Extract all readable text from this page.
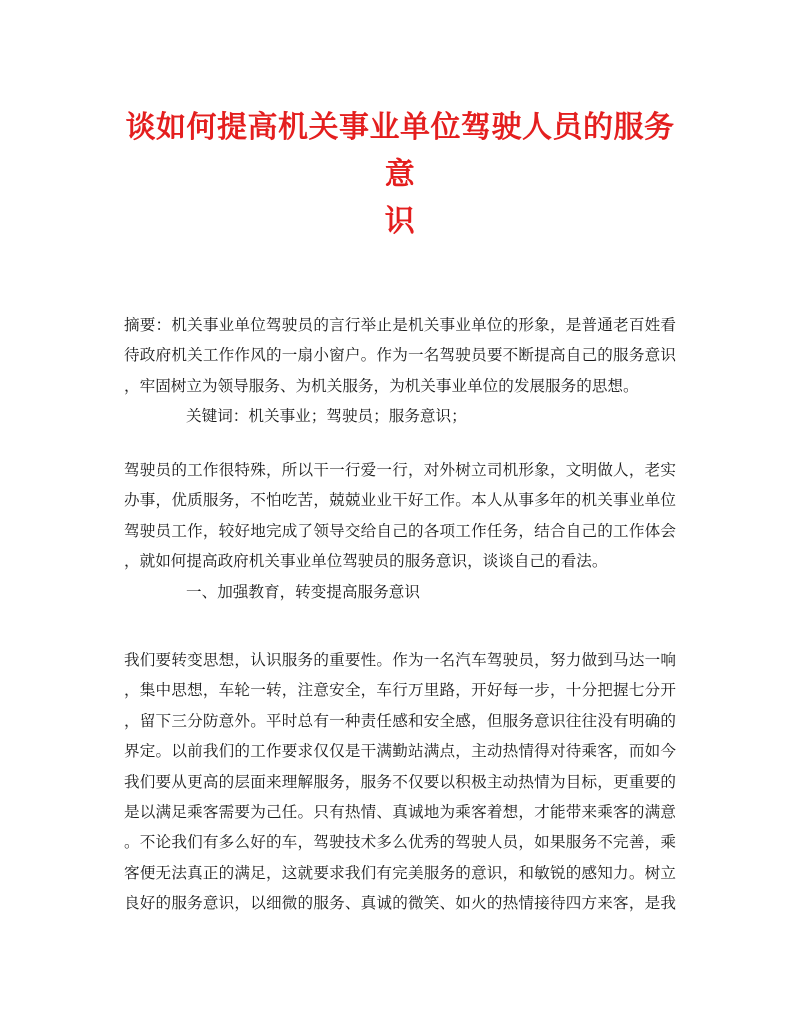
谈如何提高机关事业单位驾驶人员的服务意
识
摘要：机关事业单位驾驶员的言行举止是机关事业单位的形象，是普通老百姓看
待政府机关工作作风的一扇小窗户。作为一名驾驶员要不断提高自己的服务意识
，牢固树立为领导服务、为机关服务，为机关事业单位的发展服务的思想。
关键词：机关事业；驾驶员；服务意识；
驾驶员的工作很特殊，所以干一行爱一行，对外树立司机形象，文明做人，老实
办事，优质服务，不怕吃苦，兢兢业业干好工作。本人从事多年的机关事业单位
驾驶员工作，较好地完成了领导交给自己的各项工作任务，结合自己的工作体会
，就如何提高政府机关事业单位驾驶员的服务意识，谈谈自己的看法。
一、加强教育，转变提高服务意识
我们要转变思想，认识服务的重要性。作为一名汽车驾驶员，努力做到马达一响
，集中思想，车轮一转，注意安全，车行万里路，开好每一步，十分把握七分开
，留下三分防意外。平时总有一种责任感和安全感，但服务意识往往没有明确的
界定。以前我们的工作要求仅仅是干满勤站满点，主动热情得对待乘客，而如今
我们要从更高的层面来理解服务，服务不仅要以积极主动热情为目标，更重要的
是以满足乘客需要为己任。只有热情、真诚地为乘客着想，才能带来乘客的满意
。不论我们有多么好的车，驾驶技术多么优秀的驾驶人员，如果服务不完善，乘
客便无法真正的满足，这就要求我们有完美服务的意识，和敏锐的感知力。树立
良好的服务意识，以细微的服务、真诚的微笑、如火的热情接待四方来客，是我
